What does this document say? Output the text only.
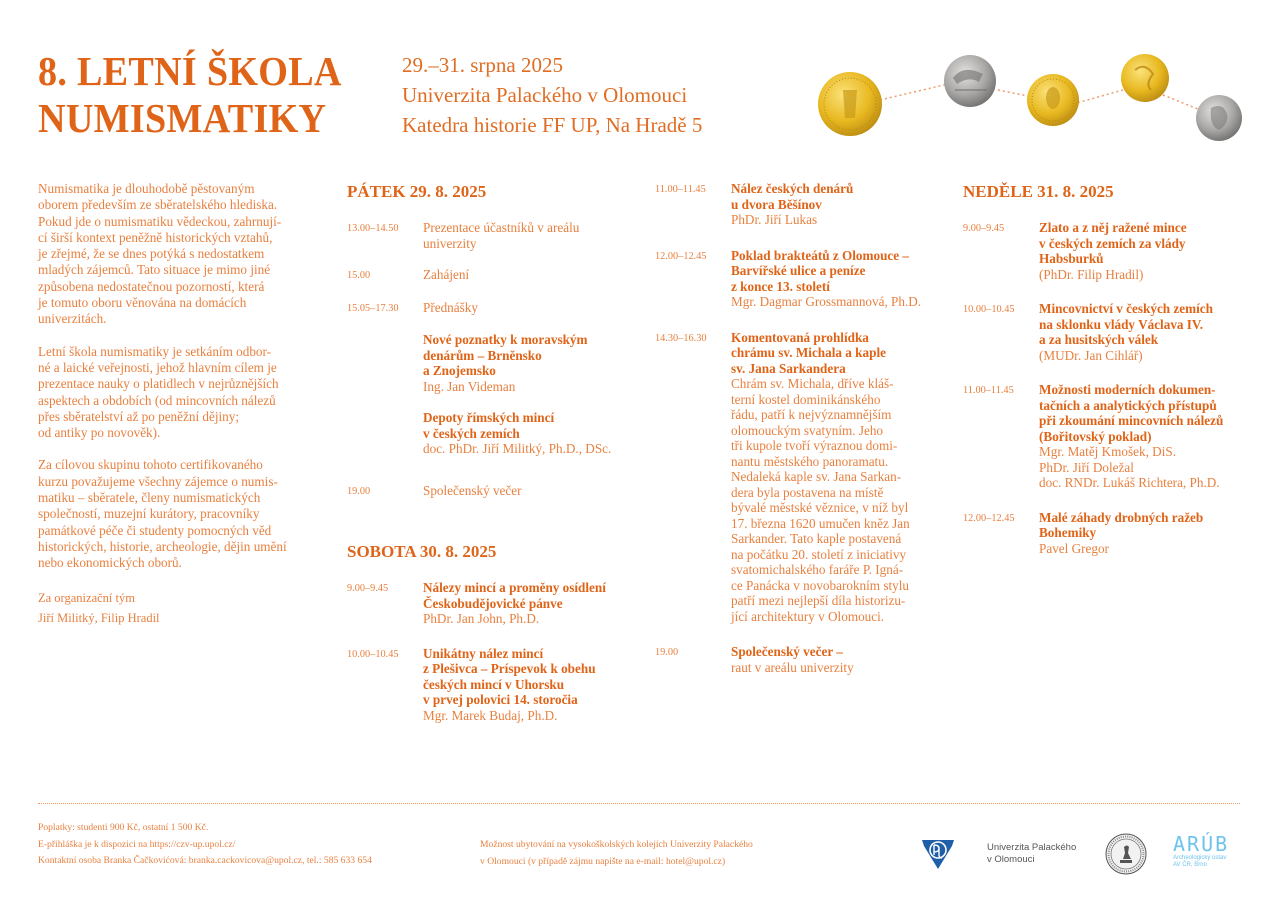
8. LETNÍ ŠKOLA
NUMISMATIKY
29.–31. srpna 2025
Univerzita Palackého v Olomouci
Katedra historie FF UP, Na Hradě 5

Numismatika je dlouhodobě pěstovaným
oborem především ze sběratelského hlediska.
Pokud jde o numismatiku vědeckou, zahrnují-
cí širší kontext peněžně historických vztahů,
je zřejmé, že se dnes potýká s nedostatkem
mladých zájemců. Tato situace je mimo jiné
způsobena nedostatečnou pozorností, která
je tomuto oboru věnována na domácích
univerzitách.

Letní škola numismatiky je setkáním odbor-
né a laické veřejnosti, jehož hlavním cílem je
prezentace nauky o platidlech v nejrůznějších
aspektech a obdobích (od mincovních nálezů
přes sběratelství až po peněžní dějiny;
od antiky po novověk).

Za cílovou skupinu tohoto certifikovaného
kurzu považujeme všechny zájemce o numis-
matiku – sběratele, členy numismatických
společností, muzejní kurátory, pracovníky
památkové péče či studenty pomocných věd
historických, historie, archeologie, dějin umění
nebo ekonomických oborů.

Za organizační tým
Jiří Militký, Filip Hradil
PÁTEK 29. 8. 2025
13.00–14.50	Prezentace účastníků v areálu
univerzity
15.00	Zahájení
15.05–17.30	Přednášky

Nové poznatky k moravským
denárům – Brněnsko
a Znojemsko
Ing. Jan Videman

Depoty římských mincí
v českých zemích
doc. PhDr. Jiří Militký, Ph.D., DSc.
19.00	Společenský večer
SOBOTA 30. 8. 2025
9.00–9.45	Nálezy mincí a proměny osídlení
Českobudějovické pánve
PhDr. Jan John, Ph.D.
10.00–10.45	Unikátny nález mincí
z Plešivca – Príspevok k obehu
českých mincí v Uhorsku
v prvej polovici 14. storočia
Mgr. Marek Budaj, Ph.D.
11.00–11.45	Nález českých denárů
u dvora Běšínov
PhDr. Jiří Lukas
12.00–12.45	Poklad brakteátů z Olomouce –
Barvířské ulice a peníze
z konce 13. století
Mgr. Dagmar Grossmannová, Ph.D.
14.30–16.30	Komentovaná prohlídka
chrámu sv. Michala a kaple
sv. Jana Sarkandera
Chrám sv. Michala, dříve kláš-
terní kostel dominikánského
řádu, patří k nejvýznamnějším
olomouckým svatyním. Jeho
tři kupole tvoří výraznou domi-
nantu městského panoramatu.
Nedaleká kaple sv. Jana Sarkan-
dera byla postavena na místě
bývalé městské věznice, v níž byl
17. března 1620 umučen kněz Jan
Sarkander. Tato kaple postavená
na počátku 20. století z iniciativy
svatomichalského faráře P. Igná-
ce Panácka v novobarokním stylu
patří mezi nejlepší díla historizu-
jící architektury v Olomouci.
19.00	Společenský večer –
raut v areálu univerzity
NEDĚLE 31. 8. 2025
9.00–9.45	Zlato a z něj ražené mince
v českých zemích za vlády
Habsburků
(PhDr. Filip Hradil)
10.00–10.45	Mincovnictví v českých zemích
na sklonku vlády Václava IV.
a za husitských válek
(MUDr. Jan Cihlář)
11.00–11.45	Možnosti moderních dokumen-
tačních a analytických přístupů
při zkoumání mincovních nálezů
(Bořitovský poklad)
Mgr. Matěj Kmošek, DiS.
PhDr. Jiří Doležal
doc. RNDr. Lukáš Richtera, Ph.D.
12.00–12.45	Malé záhady drobných ražeb
Bohemiky
Pavel Gregor
Poplatky: studenti 900 Kč, ostatní 1 500 Kč.
E-přihláška je k dispozici na https://czv-up.upol.cz/
Kontaktní osoba Branka Čačkovićová: branka.cackovicova@upol.cz, tel.: 585 633 654
Možnost ubytování na vysokoškolských kolejích Univerzity Palackého
v Olomouci (v případě zájmu napište na e-mail: hotel@upol.cz)
Univerzita Palackého
v Olomouci
ARÚB
Archeologický ústav
AV ČR, Brno
